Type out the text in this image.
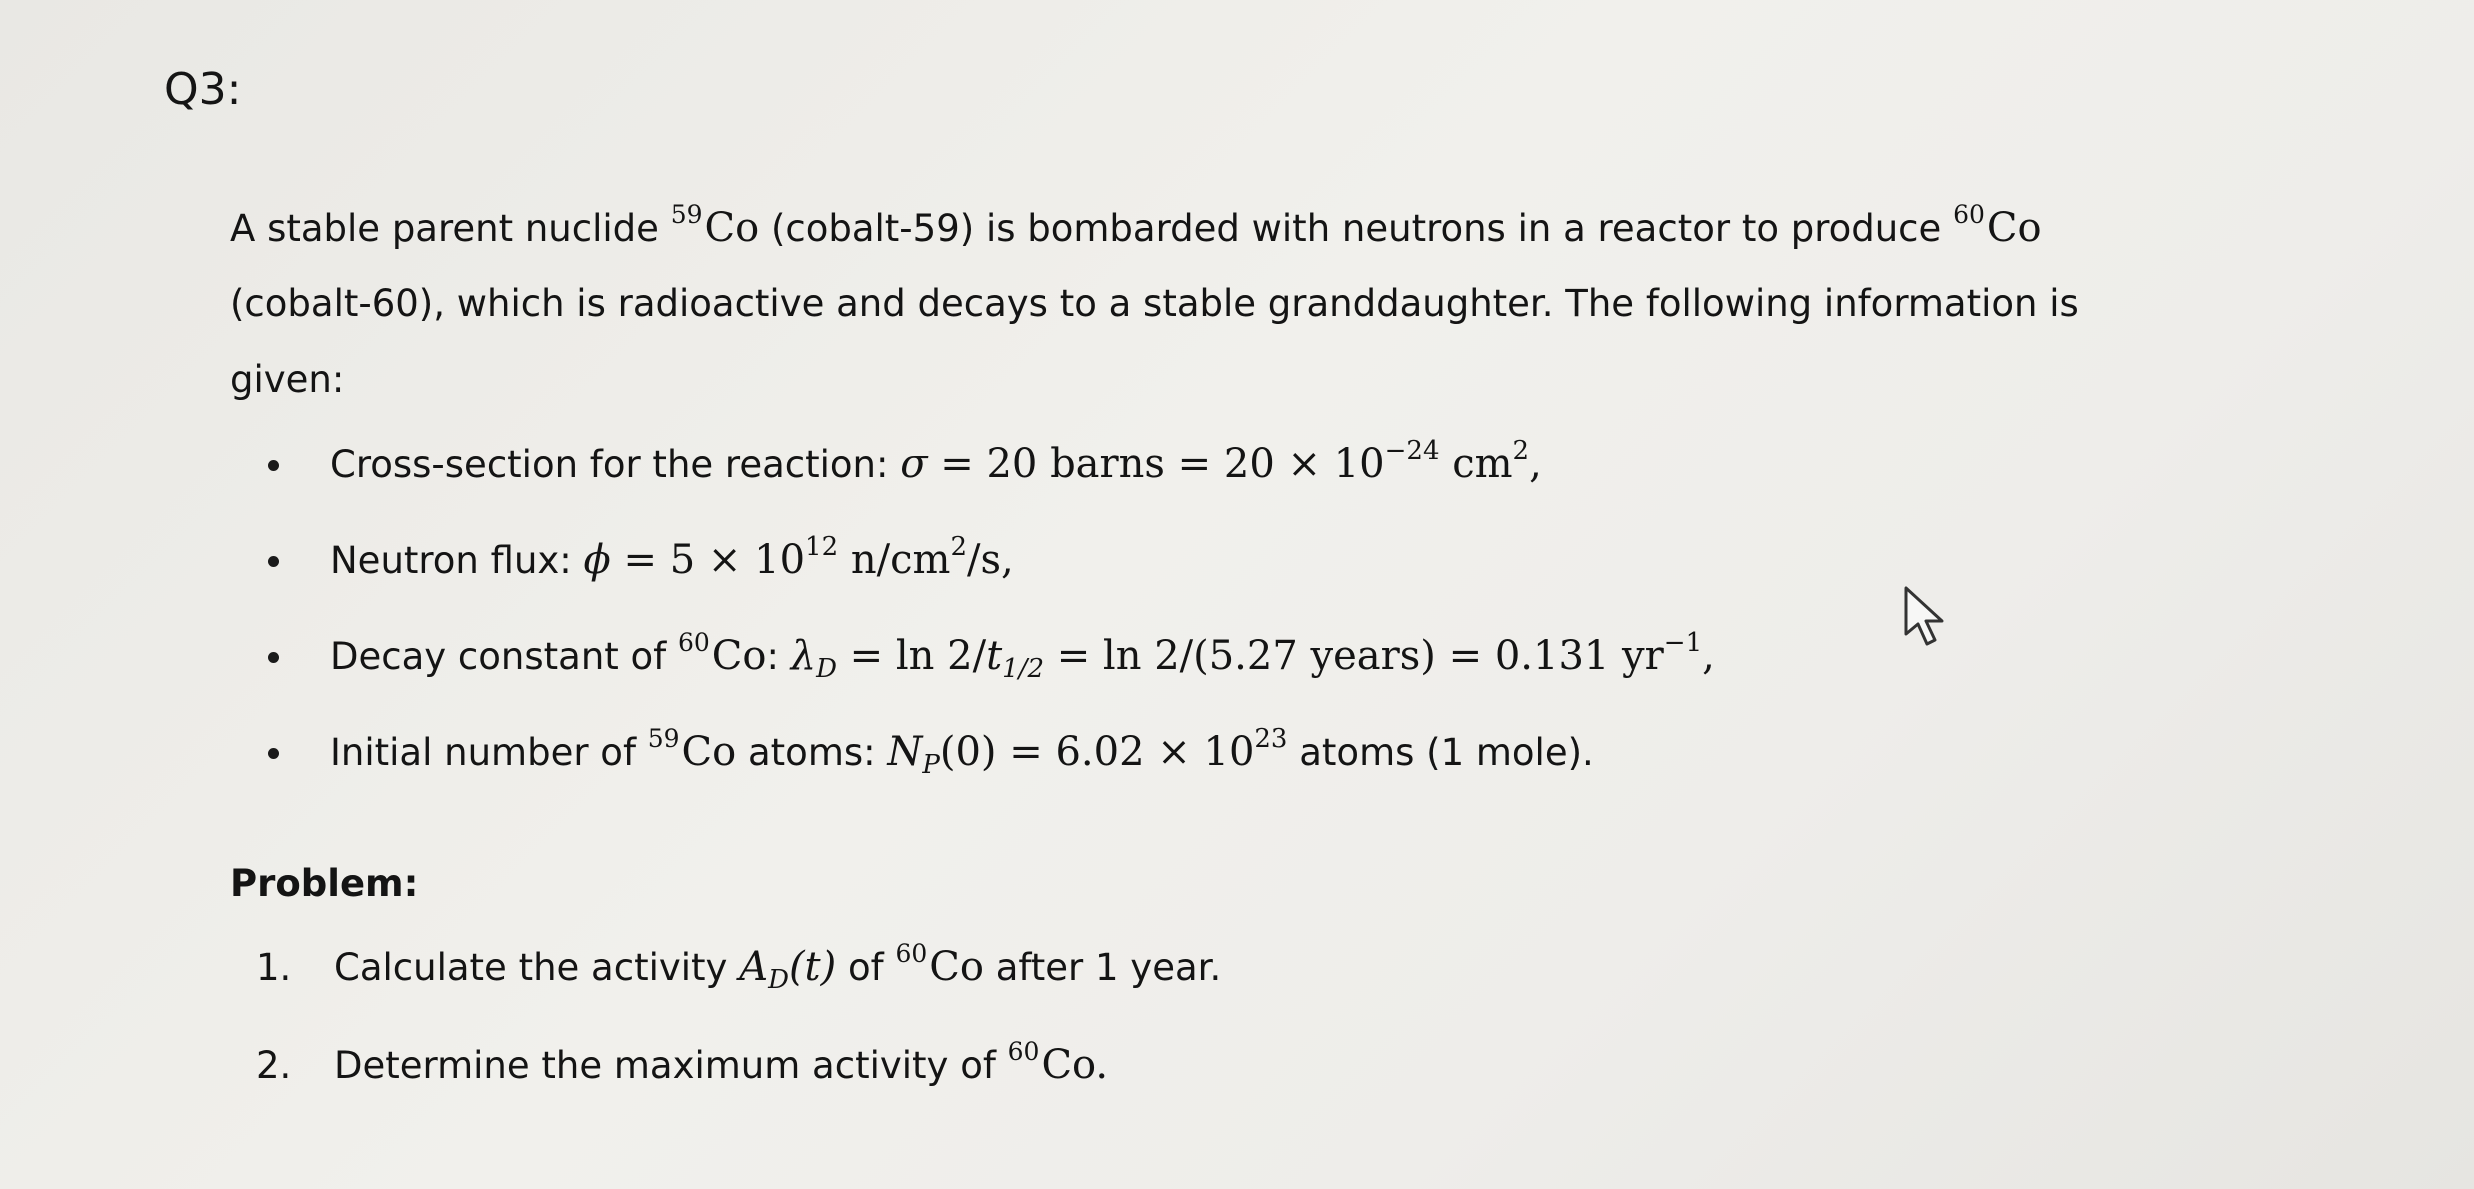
Q3:
A stable parent nuclide $^{59}$Co (cobalt-59) is bombarded with neutrons in a reactor to produce $^{60}$Co
(cobalt-60), which is radioactive and decays to a stable granddaughter. The following information is
given:
Cross-section for the reaction: σ = 20 barns = $20 \times 10^{-24}$ $cm^2$,
Neutron flux: $\phi = 5 \times 10^{12}$ $n/cm^2/s$,
Decay constant of $^{60}$Co: $\lambda_D = \ln 2/t_{1/2} = \ln 2/(5.27$ years) = 0.131 $yr^{-1}$,
Initial number of $^{59}$Co atoms: $N_P(0) = 6.02 \times 10^{23}$ atoms (1 mole).
Problem:
1.	Calculate the activity $A_D(t)$ of $^{60}$Co after 1 year.
2.	Determine the maximum activity of $^{60}$Co.
